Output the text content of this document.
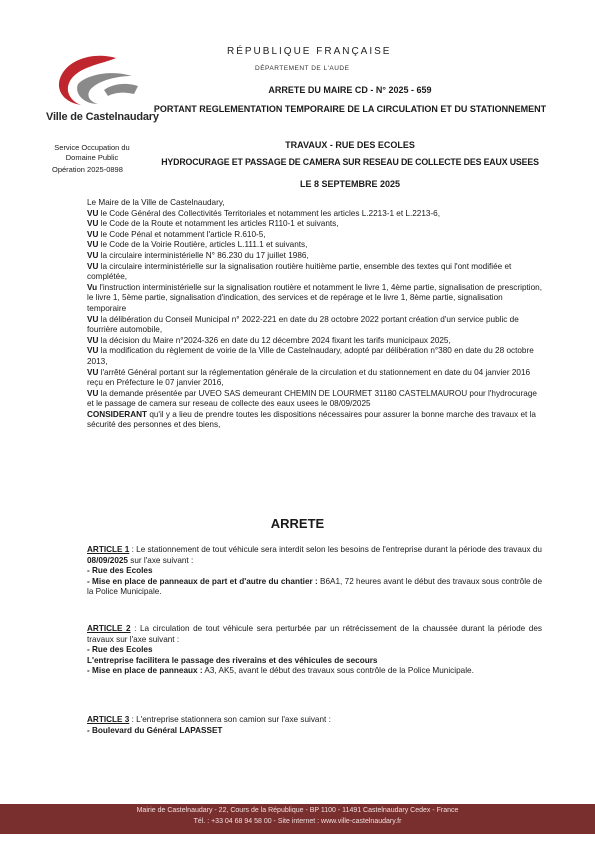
Ville de Castelnaudary
Service Occupation du Domaine Public
Opération 2025-0898
RÉPUBLIQUE FRANÇAISE
DÉPARTEMENT DE L'AUDE
ARRETE DU MAIRE CD - N° 2025 - 659
PORTANT REGLEMENTATION TEMPORAIRE DE LA CIRCULATION ET DU STATIONNEMENT
TRAVAUX - RUE DES ECOLES
HYDROCURAGE ET PASSAGE DE CAMERA SUR RESEAU DE COLLECTE DES EAUX USEES
LE 8 SEPTEMBRE 2025

Le Maire de la Ville de Castelnaudary,

VU le Code Général des Collectivités Territoriales et notamment les articles L.2213-1 et L.2213-6,

VU le Code de la Route et notamment les articles R110-1 et suivants,

VU le Code Pénal et notamment l'article R.610-5,

VU le Code de la Voirie Routière, articles L.111.1 et suivants,

VU la circulaire interministérielle N° 86.230 du 17 juillet 1986,

VU la circulaire interministérielle sur la signalisation routière huitième partie, ensemble des textes qui l'ont modifiée et complétée,

Vu l'instruction interministérielle sur la signalisation routière et notamment le livre 1, 4ème partie, signalisation de prescription, le livre 1, 5ème partie, signalisation d'indication, des services et de repérage et le livre 1, 8ème partie, signalisation temporaire

VU la délibération du Conseil Municipal n° 2022-221 en date du 28 octobre 2022 portant création d'un service public de fourrière automobile,

VU la décision du Maire n°2024-326 en date du 12 décembre 2024 fixant les tarifs municipaux 2025,

VU la modification du règlement de voirie de la Ville de Castelnaudary, adopté par délibération n°380 en date du 28 octobre 2013,

VU l'arrêté Général portant sur la réglementation générale de la circulation et du stationnement en date du 04 janvier 2016 reçu en Préfecture le 07 janvier 2016,

VU la demande présentée par UVEO SAS demeurant CHEMIN DE LOURMET 31180 CASTELMAUROU pour l'hydrocurage et le passage de camera sur reseau de collecte des eaux usees le 08/09/2025

CONSIDERANT qu'il y a lieu de prendre toutes les dispositions nécessaires pour assurer la bonne marche des travaux et la sécurité des personnes et des biens,

ARRETE

ARTICLE 1 : Le stationnement de tout véhicule sera interdit selon les besoins de l'entreprise durant la période des travaux du 08/09/2025 sur l'axe suivant :

- Rue des Ecoles

- Mise en place de panneaux de part et d'autre du chantier : B6A1, 72 heures avant le début des travaux sous contrôle de la Police Municipale.

ARTICLE 2 : La circulation de tout véhicule sera perturbée par un rétrécissement de la chaussée durant la période des travaux sur l'axe suivant :

- Rue des Ecoles

L'entreprise facilitera le passage des riverains et des véhicules de secours

- Mise en place de panneaux : A3, AK5, avant le début des travaux sous contrôle de la Police Municipale.

ARTICLE 3 : L'entreprise stationnera son camion sur l'axe suivant :

- Boulevard du Général LAPASSET

Mairie de Castelnaudary - 22, Cours de la République - BP 1100 - 11491 Castelnaudary Cedex - France
Tél. : +33 04 68 94 58 00 - Site internet : www.ville-castelnaudary.fr
